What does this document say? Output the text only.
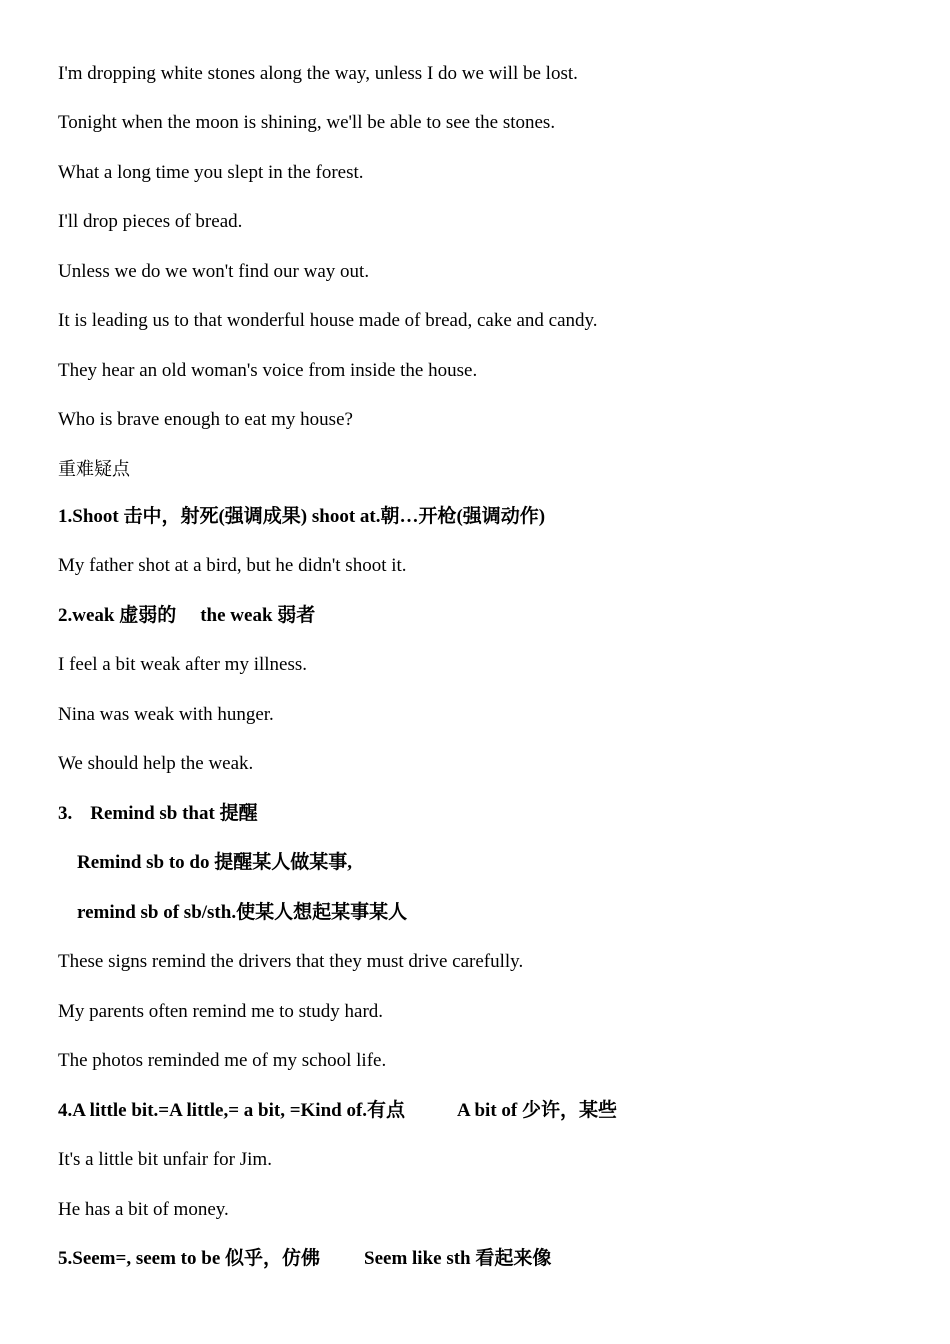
I'm dropping white stones along the way, unless I do we will be lost.
Tonight when the moon is shining, we'll be able to see the stones.
What a long time you slept in the forest.
I'll drop pieces of bread.
Unless we do we won't find our way out.
It is leading us to that wonderful house made of bread, cake and candy.
They hear an old woman's voice from inside the house.
Who is brave enough to eat my house?
重难疑点
1.Shoot 击中，射死(强调成果) shoot at.朝…开枪(强调动作)
My father shot at a bird, but he didn't shoot it.
2.weak 虚弱的 the weak 弱者
I feel a bit weak after my illness.
Nina was weak with hunger.
We should help the weak.
3. Remind sb that 提醒
Remind sb to do 提醒某人做某事,
remind sb of sb/sth.使某人想起某事某人
These signs remind the drivers that they must drive carefully.
My parents often remind me to study hard.
The photos reminded me of my school life.
4.A little bit.=A little,= a bit, =Kind of.有点	A bit of 少许，某些
It's a little bit unfair for Jim.
He has a bit of money.
5.Seem=, seem to be 似乎，仿佛 Seem like sth 看起来像
